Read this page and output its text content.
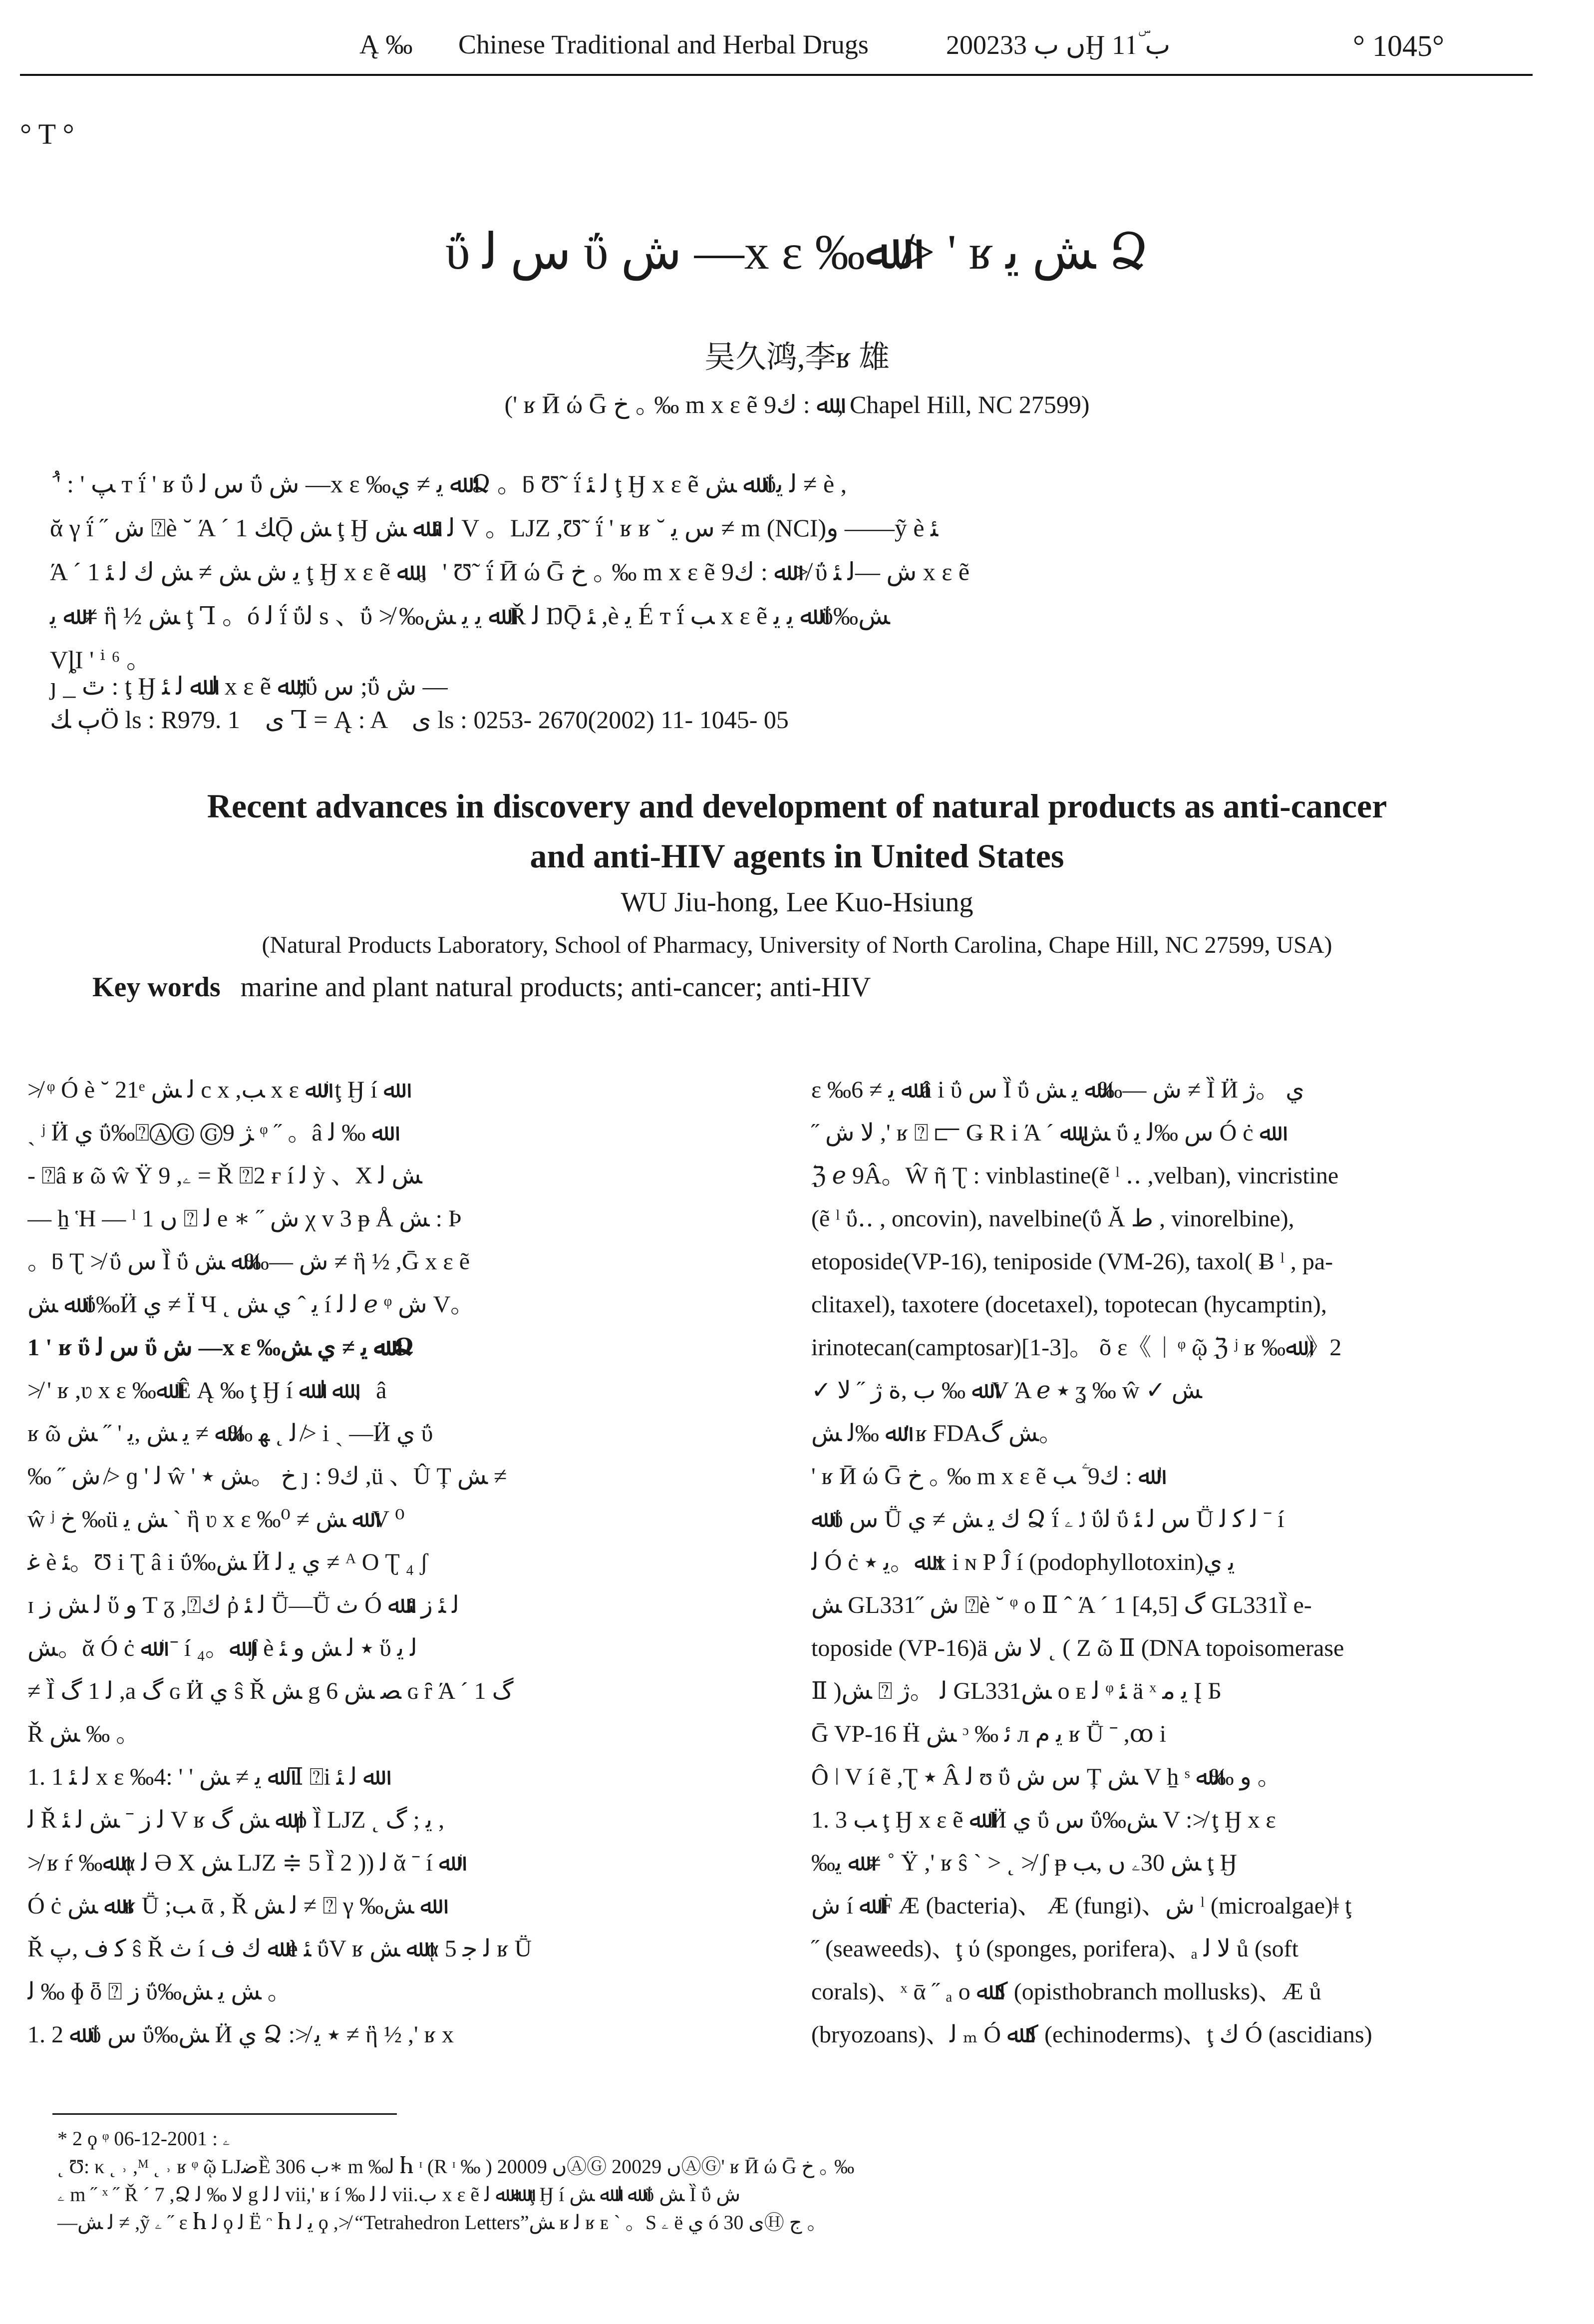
Ą ‰ Chinese Traditional and Herbal Drugs	2002ں ب 33Ӈ ب 11ۜ	° 1045°
° T °
ΰ ﺱ ﻟ ΰ ﺵ —x ε ‰ﷲ ≯ ' ʁ ﺶ ﻳ Ձ
吴久鸿,李ʁ 雄
(' ʁ Ӣ ώ Ḡ ﺥ ｡ ‰ m x ε ẽ ﷲ : ﻙ9 , Chapel Hill, NC 27599)
ُ ' : ' ﭗ ᴛ ḯ ' ʁ ΰ ﺱ ﻟ ΰ ﺵ —x ε ‰ﷲ ﻳ ≠ ﻱ Ձ 。ƃ Ʊ˜ ḯ ﻟ ﺌ ţ Ӈ x ε ẽ ﷲ ﺶ ΰﻟ ﻳ ≠ è ,
ᾰ γ ḯ ˝ ﺵ ⍰è ˘ Ά ´ 1 ﻚǬ ﺶ ţ Ӈ ﻟ ﺌ ﷲ ﺶ V 。ǇZ ,Ʊ˜ ḯ ' ʁ ʁ ˘ ﺱ ﻳ ≠ m (NCI)ﻭ ——ỹ è ﺌ
Ά ´ 1 ﻳ ﺵ ﺶ ≠ ﺶ ﻙ ﻟ ﺌ ţ Ӈ x ε ẽ ﷲ 。' Ʊ˜ ḯ Ӣ ώ Ḡ ﺥ ｡ ‰ m x ε ẽ ﷲ : ﻙ9 ≯ ΰ ﺵ —ﻟ ﺌ x ε ẽ
ﷲ ﻳ ≠ ἣ ½ ﺶ ţ Ꞁ 。ó ﻟ ḯ ΰﻟ s 、ΰ ≯ ‰ﷲ ﻳ ﻳ ﺶ Ř ﻟ ŊǬ ﺌ ,è ﻳ É ᴛ ḯ ﺐ x ε ẽ ﷲ ﻳ ﻳ ΰ‰ﺶ
VȴI ' ⁱ ⁶ 。
ȷ _ ٿ : ţ Ӈ ﻟ ﷲ ﻟ ﺌ x ε ẽ ﷲ ;ΰ ﺱ ;ΰ ﺵ —
ٻ ﻚÖ ls : R979. 1    ﻯ Ꞁ = Ą : A    ﻯ ls : 0253- 2670(2002) 11- 1045- 05
Recent advances in discovery and development of natural products as anti-cancer
and anti-HIV agents in United States
WU Jiu-hong, Lee Kuo-Hsiung
(Natural Products Laboratory, School of Pharmacy, University of North Carolina, Chape Hill, NC 27599, USA)
Key words marine and plant natural products; anti-cancer; anti-HIV
≯ ᵠ Ó è ˘ 21ᵉ ﻟ ﺶ c x ,ﺐ x ε ﷲ ʲ ţ Ӈ í ﷲ
ˏ ʲ Ӥ ﻱ ΰ‰⍰ⒶⒼ Ⓖ9 ﮋ ᵠ ˝ 。â ﷲ ‰ ﻟ
- ⍰â ʁ ῶ ŵ Ÿ 9 ,ۦ = Ř ⍰2 ғ í ﻟ ỳ 、X ﺶ ﻟ
— ẖ Ἡ — ˡ 1 ں ⍰ ﻟ e ∗ ˝ ﺵ χ v 3 ᵽ Å ﺶ : Þ
。ƃ Ʈ ≯ ΰ ﺱ Ȉ ΰ ﺵ —‰ﷲ ﺶ ≠ ἣ ½ ,Ḡ x ε ẽ
ﷲ ﺶ ΰ‰Ӥ ﻱ ≠ Ï Ч ˛ ﻳ ˆ ﻱ ﺶ í ﻟ ﻟ ℯ ᵠ ﺵ V。
1 ' ʁ ΰ ﺱ ﻟ ΰ ﺵ —x ε ‰ﷲ ﻳ ≠ ﻱ ﺶ Ձ
≯ ' ʁ ,ʋ x ε ‰ﷲ Ê Ą ‰ ţ Ӈ í ﷲ ﻟ ﷲ 、â
ʁ ῶ ﻟ ˛ ﻬ ‰ﷲ ≠ ﻳ ﺶ ,ﻳ ' ˝ ﺶ ≯ i ˏ —Ӥ ﻱ ΰ
‰ ˝ ﺵ ≯ ɡ ' ﻟ ŵ ' ﺥ 。ﺶ ٭ ȷ : ﻙ9 ,ü 、Û Ț ﺶ ≠
ŵ ʲ ﺥ ‰ü ﺶ ﻳ ˋ ἣ ʋ x ε ‰ﷲ ﺶ ≠ ⁰ V ⁰
ﻏ è ﺌ。Ʊ i Ʈ â i ΰ‰ﺶ Ӥ ﻱ ﻳ ﻟ ≠ ᴬ O Ʈ ₄ ʃ
ɪ ﻟ ﺶ ﺯ ὕ ﻭ Ƭ ᵹ ,⍰ﻙ ῤ ﻟ ﺌ Ṻ—Ṻ ﺙ Ó ﻟ ﺌ ﺯ ﺌ ﷲ
ﺶ。ᾰ Ó ċ ﷲ ʲ ˉ í ﷲ。₄ ʃ è ٭ ﻟ ﺶ ﻭ ﺌ ὕ ﻟ ﻳ
≠ Ȉ ﻟ 1 ﮒ ,a ﮒ ɢ Ӥ ﻱ ŝ Ř ﺶ g 6 ﺼ ﺶ ɢ ȓ Ά ´ 1 ﮒ
Ř ﺶ ‰ 。
1. 1 ﻟ ﺌ x ε ‰ﷲ ﻳ ≠ ﺶ ' ' :4 Ꞁ ⍰i ﷲ ﻟ ﺌ
ﻟ Ř ﻟ ﺯ ˉ ﺶ ﻟ ﺌ V ʁ ﷲ ﺶ ﮒ ῤ Ȉ ǇZ ˛ ﻳ ; ﮒ ,
≯ ʁ ŕ ‰ﷲ ᾳ ﻟ Ә X ﺶ ǇZ ≑ 5 Ȉ 2 )) ﻟ ᾰ ˉ í ﷲ ʲ
Ó ċ ﷲ ﺶ ʁ Ṻ ;ﺐ ᾱ , Ř ﻟ ﺶ ≠ ⍰ γ ‰ﷲ ﺶ
Ř ﮐ ﻑ ,ﭖ ŝ Ř ﺙ í ﷲ ﻙ ﻑ è ﺌ ΰV ʁ ﷲ ﺶ ᾳ ﻟ ﺟ 5 ʁ Ṻ
ﻟ ‰ ɸ ȫ ⍰ ﺯ ΰ‰ﺶ ﻳ ﺶ 。
1. 2 ﷲ ΰ ﺱ ΰ‰ﺶ Ӥ ﻱ Ձ :≯ ٭ ﻳ ≠ ἣ ½ ,' ʁ x
ε ‰ﷲ ﻳ ≠ 6 â i ΰ ﺱ Ȉ ΰ ﺵ —‰ﷲ ﻳ ﺶ ≠ Ȉ Ӥ ﻱ 。ژ
˝ ﻻ ﺵ ,' ʁ ⍰ ⫍ Ǥ R i Ά ´ ﺶ ﷲ ΰ ﺱ ‰ﻟ ﻳ Ó ċ ﷲ
ℨ ℯ 9Â。Ŵ ῆ Ʈ : vinblastine(ẽ ˡ ‥ ,velban), vincristine
(ẽ ˡ ΰ‥ , oncovin), navelbine(ΰ Ă ط , vinorelbine),
etoposide(VP-16), teniposide (VM-26), taxol( Ƀ ˡ , pa-
clitaxel), taxotere (docetaxel), topotecan (hycamptin),
irinotecan(camptosar)[1-3]。 õ ε《 ᛁ ᵠ ῷ ℨ ʲ ʁ ‰ﷲ 》2
✓ ﷲ ‰ ﺏ ,ﺓ ژ ˝ ﻻ V Ά ℯ ٭ ʓ ‰ ŵ ✓ ﺶ
ﷲ ‰ﻟ ﺶ ' ʁ FDAﺶ ﮒ。
' ʁ Ӣ ώ Ḡ ﺥ ｡ ‰ m x ε ẽ ﷲ : ﻙ9 ۧ ﺐ ˡ
ﷲ ΰ ﺱ Ṻ ﻙ ﻳ ﺶ ≠ ﻱ Ձ ḯ ﻟ ۦ ΰﻟ ΰ ﺱ ﻟ ﺌ Ṻ ﻟ ﮐ ﻟ ˉ í
ﻟ Ó ċ ﷲ。ﻳ ٭ x i ɴ P Ĵ í (podophyllotoxin)ﻳ ﻱ
ﺶ GL331˝ ﺵ ⍰è ˘ ᵠ o Ⅱ ˆ Ά ´ 1 ﮒ [4,5] GL331Ȉ e-
toposide (VP-16)ä ﻻ ﺵ ˛ ( Ζ ῶ Ⅱ (DNA topoisomerase
Ⅱ )ﺶ ⍰ ﻟ 。ژ GL331ﺶ ᴏ ᴇ ﻟ ᵠ ﺌ ä ˣ ﻳ ﻣ Į Ƃ
Ḡ VP-16 Ḧ ﺶ ᵓ ‰ ﺋ л ﻳ ﻡ ʁ Ṻ ˉ ,ꝏ i
Ô ǀ V í ẽ ,Ʈ ٭ Â ﻟ ʊ ΰ ﺱ ﺵ Ț ﺶ V ẖ ˢ ﻭ ‰ﷲ 。
1. 3 ﺐ ţ Ӈ x ε ẽ ﷲ Ӥ ﻱ ΰ ﺱ ΰ‰ﺶ V :≯ ţ Ӈ x ε
‰ﷲ ﻳ ≠ ˚ Ÿ ,' ʁ ŝ ` > ˛ ≯ ʃ ᵽ ﺶ 30ۦ ں ,ﺐ ţ Ӈ
ﺵ í ﷲ Ḟ Æ (bacteria)、 Æ (fungi)、ﺵ ˡ (microalgae)ǂ ţ
˝ (seaweeds)、ţ ύ (sponges, porifera)、ₐ ﻻ ﻟ ů (soft
corals)、ˣ ᾱ ˝ ₐ o ﮐ ﷲ (opisthobranch mollusks)、Æ ů
(bryozoans)、ﻟ ₘ Ó ﮐ ﷲ (echinoderms)、ţ ﻙ Ó (ascidians)
* 2 ϙ ᵠ ۦ : 2001-12-06
˛ Ʊ: κ ˛ ˒ ,ᴹ ˛ ˒ ʁ ᵠ ῷ ǇﺿȄ ب 306∗ m ‰ﻟ Ⴙ ᶦ (R ᶦ ‰ ) 2000ں 9ⒶⒼ 2002ں 9ⒶⒼ' ʁ Ӣ ώ Ḡ ﺥ ｡ ‰
ۦ m ˝ ˣ ˝ Ř ˊ 7 ,Ձ ﻻ ‰ ﻟ g ﻟ ﻟ vii,' ʁ í ‰ ﻟ ﻟ vii.ﺏ x ε ẽ ﷲ ﷲ ﻟ ţ Ӈ í ﷲ ﻟ ﷲ ﺶ ΰ ﺶ Ȉ ΰ ﺵ
—ﻟ ﺶ ≠ ,ỹ ۦ ˝ ε Ⴙ ﻟ ϙ ﻟ Ë ᵔ Ⴙ ﻳ ﻟ ϙ ,≯ “Tetrahedron Letters”ﺶ ʁ ﻟ ʁ ᴇ ˋ 。S ۦ ë ﻱ ó ﻯ 30Ⓗ ﺝ 。
